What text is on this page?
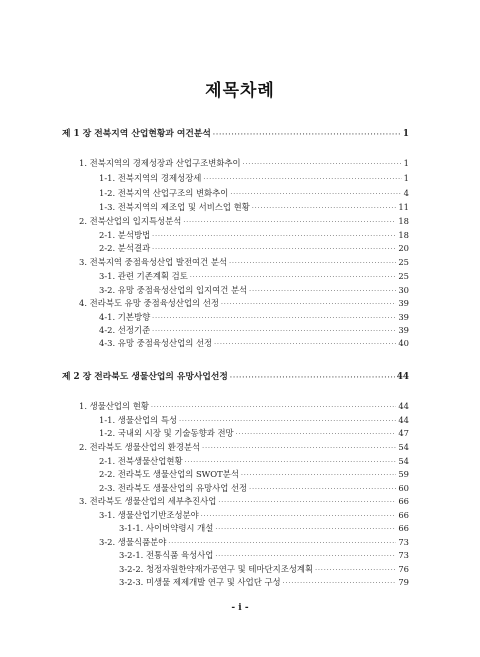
제목차례
제 1 장 전북지역 산업현황과 여건분석 ·····	1
1. 전북지역의 경제성장과 산업구조변화추이 ·····	1
1-1. 전북지역의 경제성장세 ·····	1
1-2. 전북지역 산업구조의 변화추이 ·····	4
1-3. 전북지역의 제조업 및 서비스업 현황 ·····	11
2. 전북산업의 입지특성분석 ·····	18
2-1. 분석방법 ·····	18
2-2. 분석결과 ·····	20
3. 전북지역 중점육성산업 발전여건 분석 ·····	25
3-1. 관련 기존계획 검토 ·····	25
3-2. 유망 중점육성산업의 입지여건 분석 ·····	30
4. 전라북도 유망 중점육성산업의 선정 ·····	39
4-1. 기본방향 ·····	39
4-2. 선정기준 ·····	39
4-3. 유망 중점육성산업의 선정 ·····	40
제 2 장 전라북도 생물산업의 유망사업선정 ·····	44
1. 생물산업의 현황 ·····	44
1-1. 생물산업의 특성 ·····	44
1-2. 국내외 시장 및 기술동향과 전망 ·····	47
2. 전라북도 생물산업의 환경분석 ·····	54
2-1. 전북생물산업현황 ·····	54
2-2. 전라북도 생물산업의 SWOT분석 ·····	59
2-3. 전라북도 생물산업의 유망사업 선정 ·····	60
3. 전라북도 생물산업의 세부추진사업 ·····	66
3-1. 생물산업기반조성분야 ·····	66
3-1-1. 사이버약령시 개설 ·····	66
3-2. 생물식품분야 ·····	73
3-2-1. 전통식품 육성사업 ·····	73
3-2-2. 청정자원한약재가공연구 및 테마단지조성계획 ·····	76
3-2-3. 미생물 제제개발 연구 및 사업단 구성 ·····	79
- i -
